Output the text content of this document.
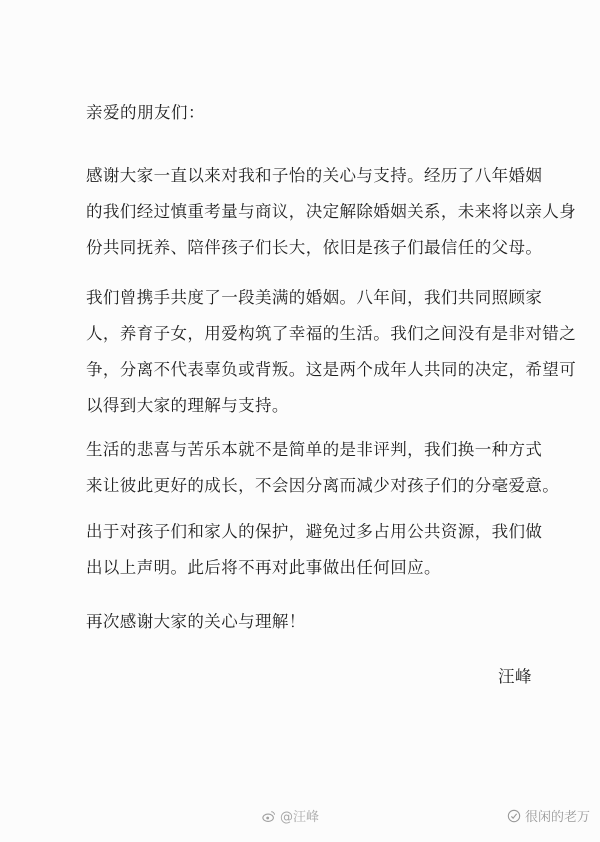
亲爱的朋友们：
感谢大家一直以来对我和子怡的关心与支持。经历了八年婚姻
的我们经过慎重考量与商议，决定解除婚姻关系，未来将以亲人身
份共同抚养、陪伴孩子们长大，依旧是孩子们最信任的父母。
我们曾携手共度了一段美满的婚姻。八年间，我们共同照顾家
人，养育子女，用爱构筑了幸福的生活。我们之间没有是非对错之
争，分离不代表辜负或背叛。这是两个成年人共同的决定，希望可
以得到大家的理解与支持。
生活的悲喜与苦乐本就不是简单的是非评判，我们换一种方式
来让彼此更好的成长，不会因分离而减少对孩子们的分毫爱意。
出于对孩子们和家人的保护，避免过多占用公共资源，我们做
出以上声明。此后将不再对此事做出任何回应。
再次感谢大家的关心与理解！
汪峰
@汪峰	很闲的老万
